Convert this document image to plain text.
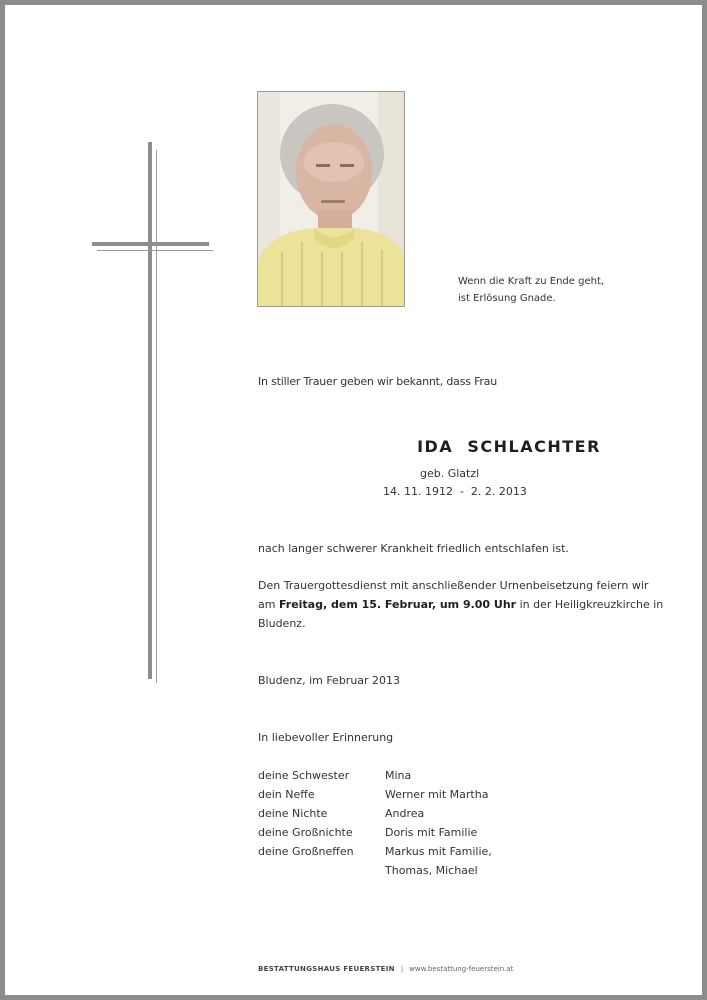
Wenn die Kraft zu Ende geht,
ist Erlösung Gnade.
In stiller Trauer geben wir bekannt, dass Frau
IDA  SCHLACHTER
geb. Glatzl
14. 11. 1912  -  2. 2. 2013
nach langer schwerer Krankheit friedlich entschlafen ist.
Den Trauergottesdienst mit anschließender Urnenbeisetzung feiern wir
am Freitag, dem 15. Februar, um 9.00 Uhr in der Heiligkreuzkirche in
Bludenz.
Bludenz, im Februar 2013
In liebevoller Erinnerung
deine Schwester	Mina
dein Neffe	Werner mit Martha
deine Nichte	Andrea
deine Großnichte	Doris mit Familie
deine Großneffen	Markus mit Familie,
Thomas, Michael
BESTATTUNGSHAUS FEUERSTEIN | www.bestattung-feuerstein.at
